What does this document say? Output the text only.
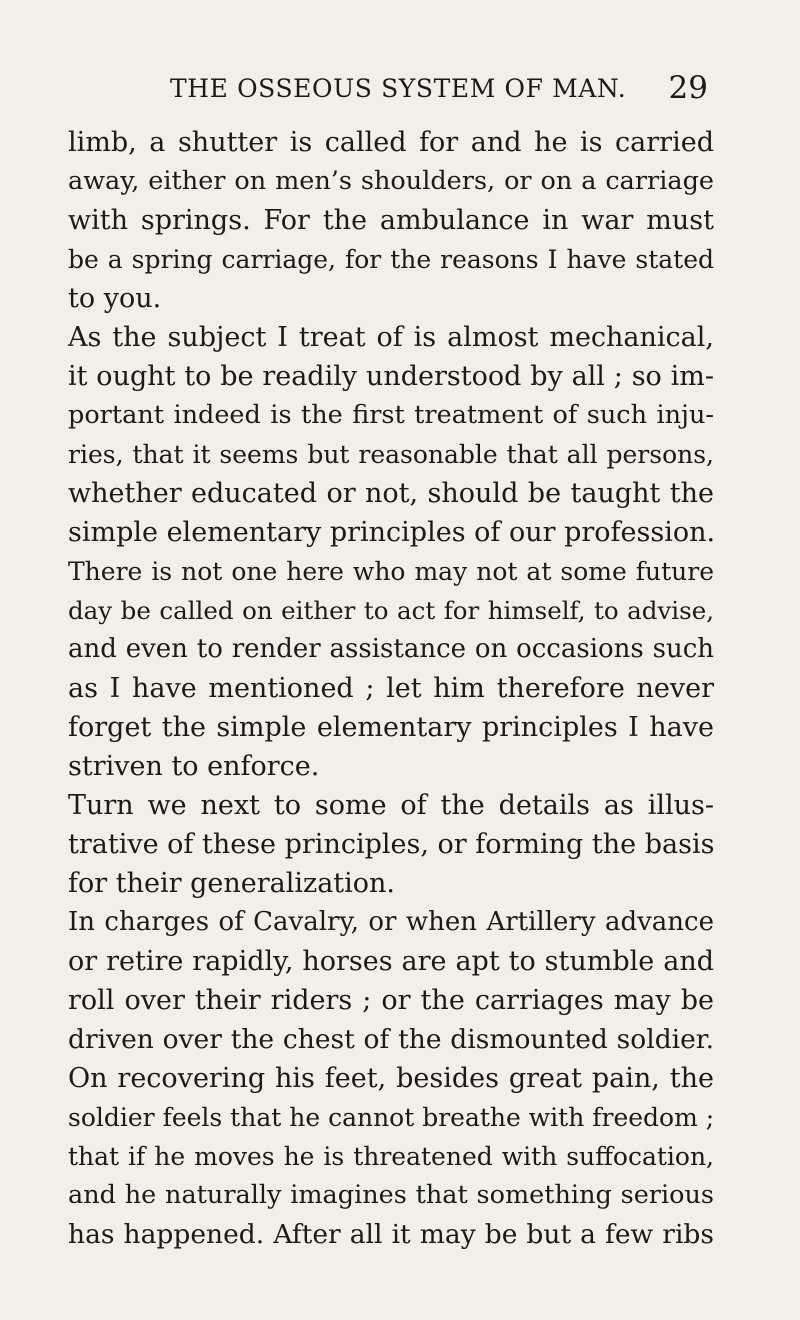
THE OSSEOUS SYSTEM OF MAN. 29
limb, a shutter is called for and he is carried
away, either on men’s shoulders, or on a carriage
with springs. For the ambulance in war must
be a spring carriage, for the reasons I have stated
to you.
As the subject I treat of is almost mechanical,
it ought to be readily understood by all ; so im-
portant indeed is the first treatment of such inju-
ries, that it seems but reasonable that all persons,
whether educated or not, should be taught the
simple elementary principles of our profession.
There is not one here who may not at some future
day be called on either to act for himself, to advise,
and even to render assistance on occasions such
as I have mentioned ; let him therefore never
forget the simple elementary principles I have
striven to enforce.
Turn we next to some of the details as illus-
trative of these principles, or forming the basis
for their generalization.
In charges of Cavalry, or when Artillery advance
or retire rapidly, horses are apt to stumble and
roll over their riders ; or the carriages may be
driven over the chest of the dismounted soldier.
On recovering his feet, besides great pain, the
soldier feels that he cannot breathe with freedom ;
that if he moves he is threatened with suffocation,
and he naturally imagines that something serious
has happened. After all it may be but a few ribs
